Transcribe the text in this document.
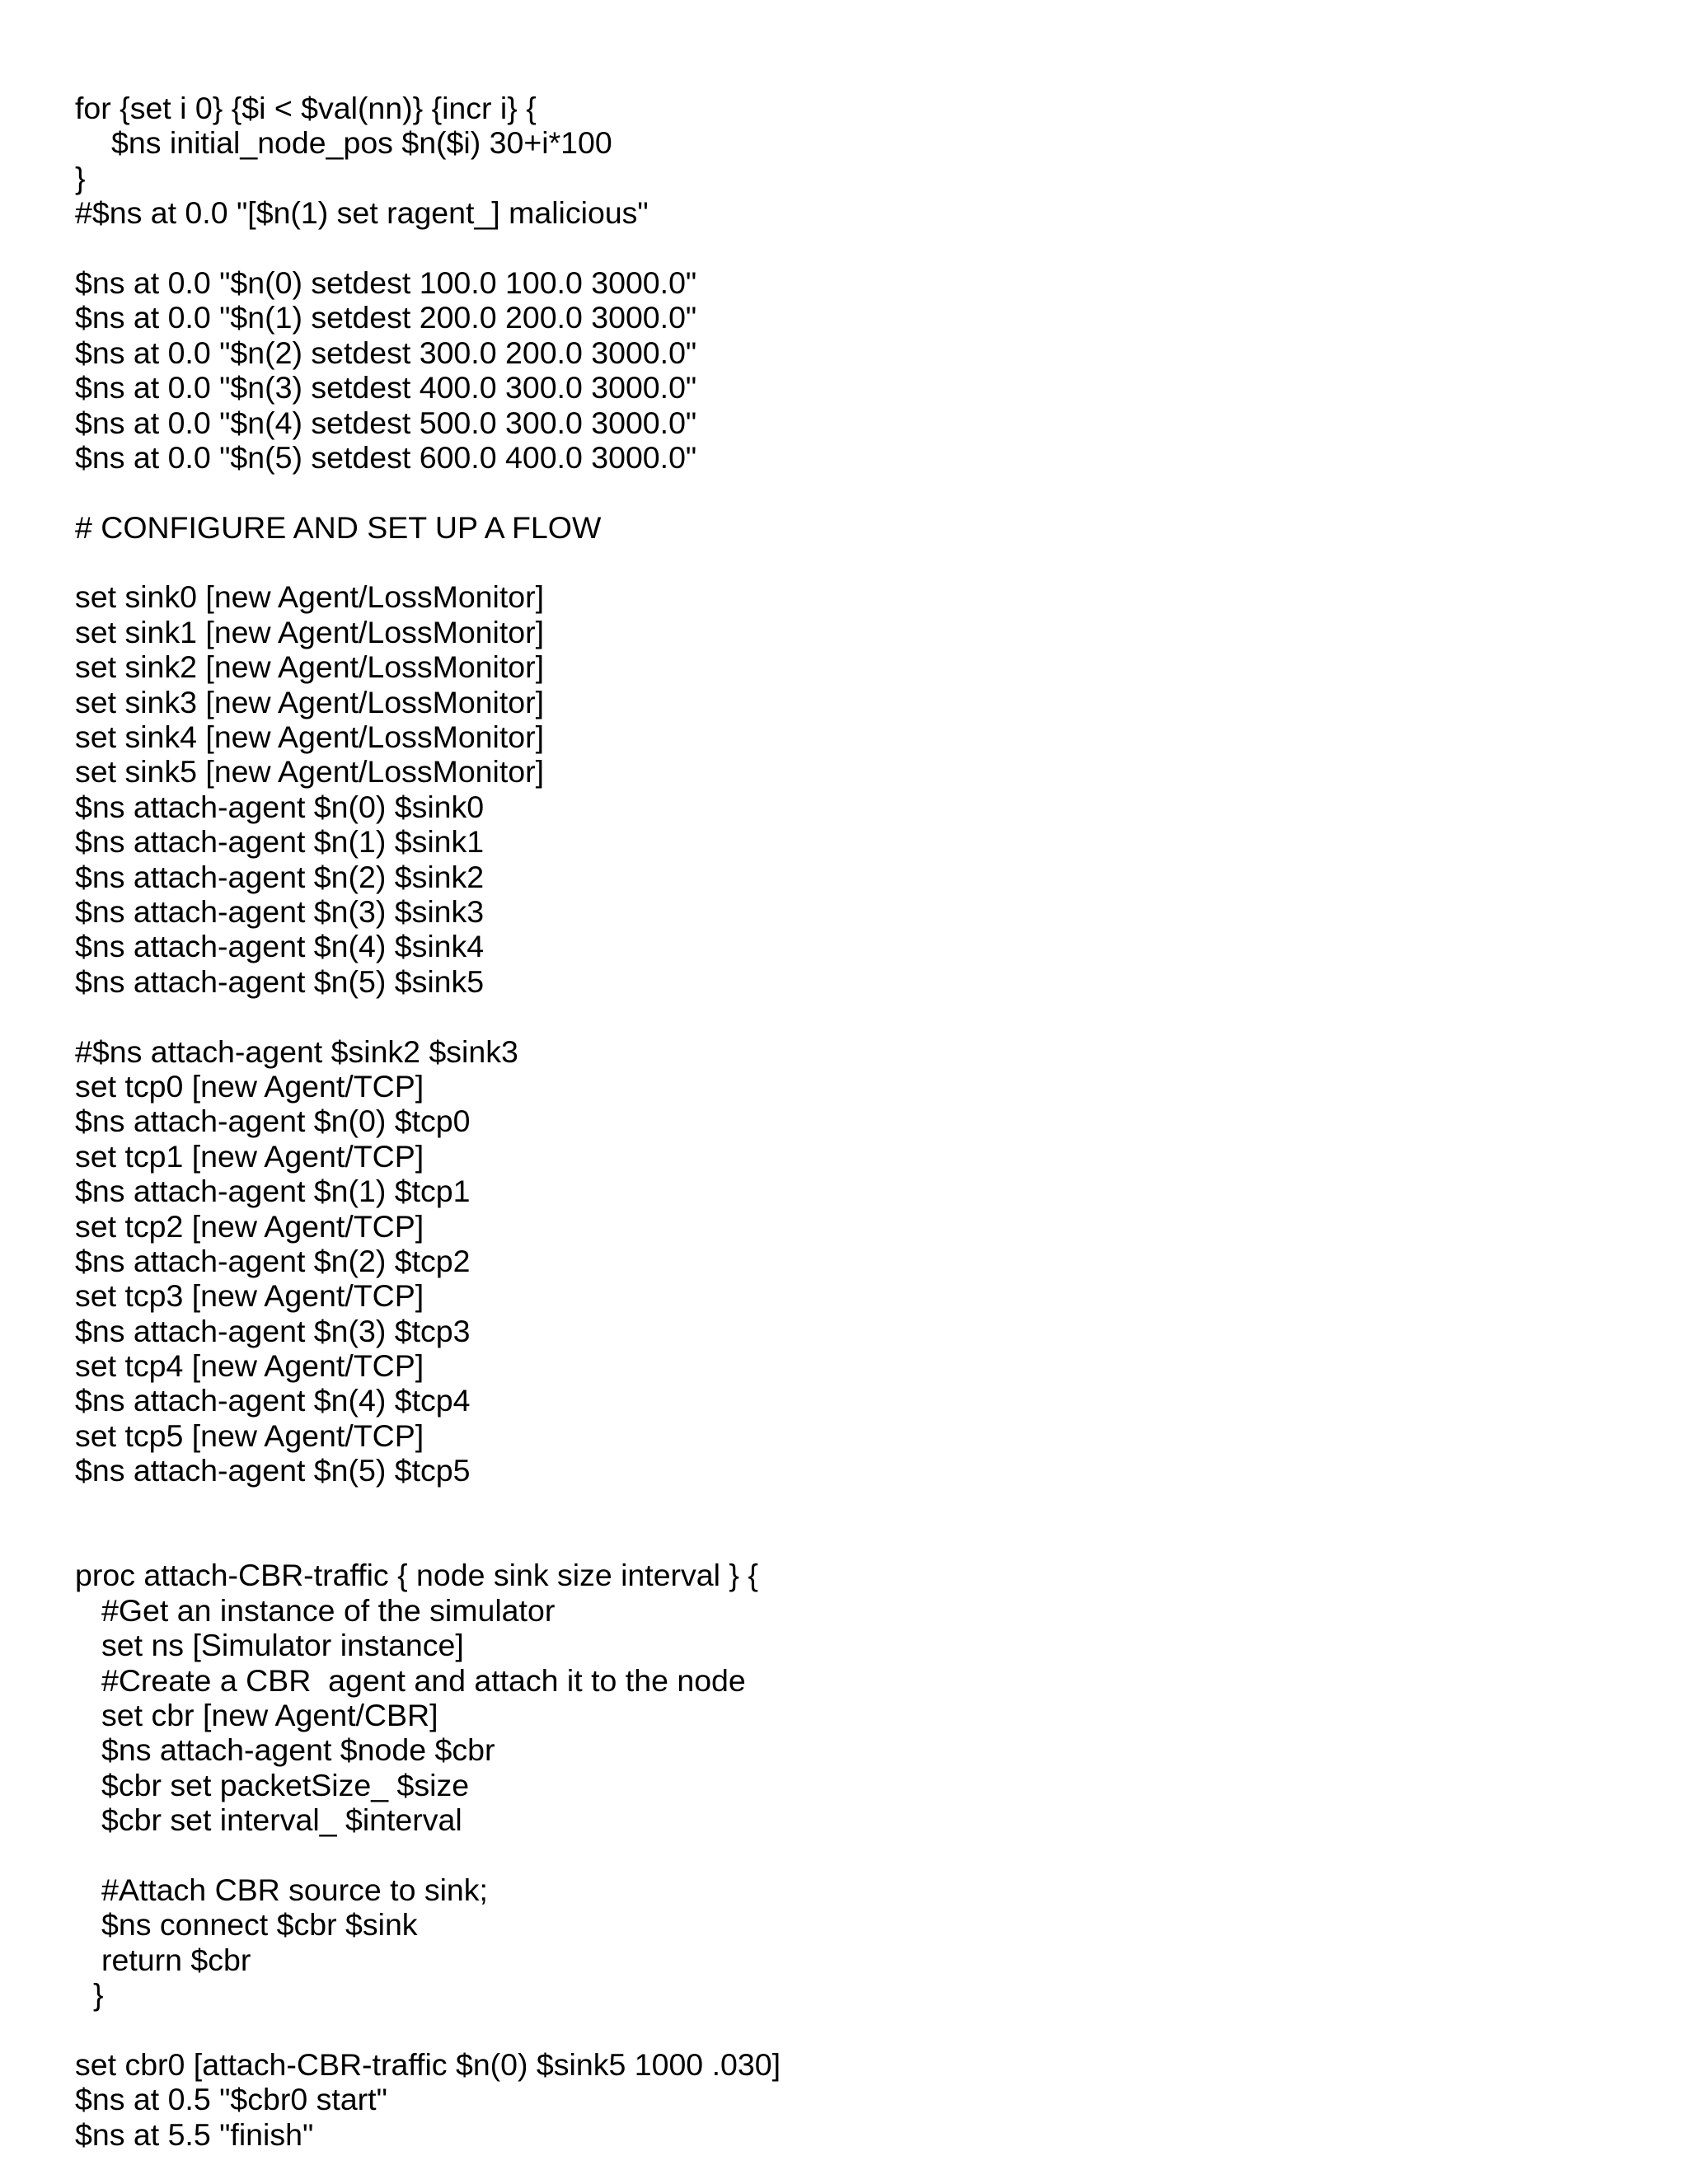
for {set i 0} {$i < $val(nn)} {incr i} {
$ns initial_node_pos $n($i) 30+i*100
}
#$ns at 0.0 "[$n(1) set ragent_] malicious"
$ns at 0.0 "$n(0) setdest 100.0 100.0 3000.0"
$ns at 0.0 "$n(1) setdest 200.0 200.0 3000.0"
$ns at 0.0 "$n(2) setdest 300.0 200.0 3000.0"
$ns at 0.0 "$n(3) setdest 400.0 300.0 3000.0"
$ns at 0.0 "$n(4) setdest 500.0 300.0 3000.0"
$ns at 0.0 "$n(5) setdest 600.0 400.0 3000.0"
# CONFIGURE AND SET UP A FLOW
set sink0 [new Agent/LossMonitor]
set sink1 [new Agent/LossMonitor]
set sink2 [new Agent/LossMonitor]
set sink3 [new Agent/LossMonitor]
set sink4 [new Agent/LossMonitor]
set sink5 [new Agent/LossMonitor]
$ns attach-agent $n(0) $sink0
$ns attach-agent $n(1) $sink1
$ns attach-agent $n(2) $sink2
$ns attach-agent $n(3) $sink3
$ns attach-agent $n(4) $sink4
$ns attach-agent $n(5) $sink5
#$ns attach-agent $sink2 $sink3
set tcp0 [new Agent/TCP]
$ns attach-agent $n(0) $tcp0
set tcp1 [new Agent/TCP]
$ns attach-agent $n(1) $tcp1
set tcp2 [new Agent/TCP]
$ns attach-agent $n(2) $tcp2
set tcp3 [new Agent/TCP]
$ns attach-agent $n(3) $tcp3
set tcp4 [new Agent/TCP]
$ns attach-agent $n(4) $tcp4
set tcp5 [new Agent/TCP]
$ns attach-agent $n(5) $tcp5
proc attach-CBR-traffic { node sink size interval } {
#Get an instance of the simulator
set ns [Simulator instance]
#Create a CBR  agent and attach it to the node
set cbr [new Agent/CBR]
$ns attach-agent $node $cbr
$cbr set packetSize_ $size
$cbr set interval_ $interval
#Attach CBR source to sink;
$ns connect $cbr $sink
return $cbr
}
set cbr0 [attach-CBR-traffic $n(0) $sink5 1000 .030]
$ns at 0.5 "$cbr0 start"
$ns at 5.5 "finish"
